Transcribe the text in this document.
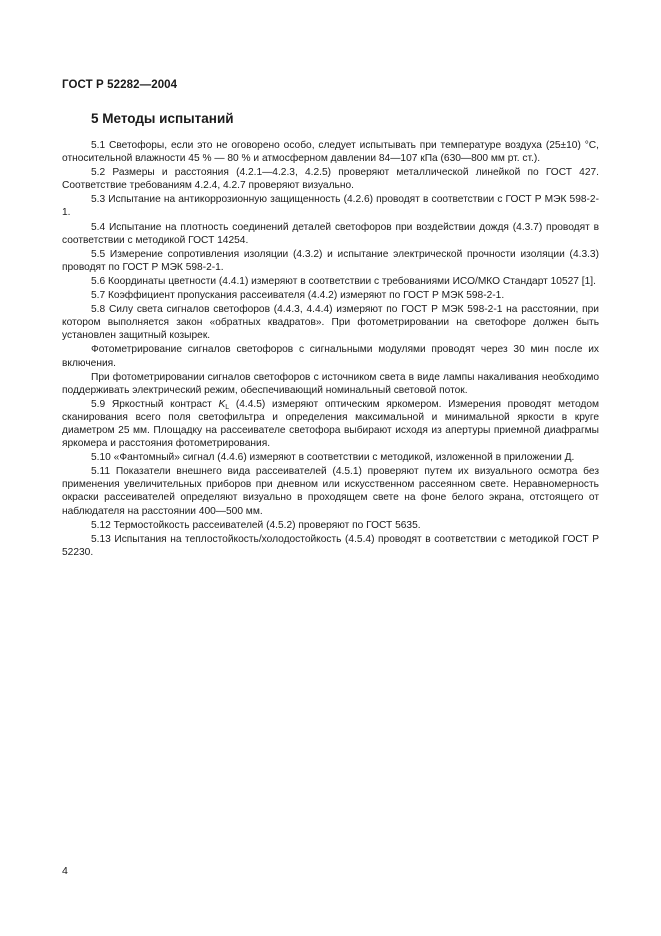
ГОСТ Р 52282—2004
5 Методы испытаний

5.1 Светофоры, если это не оговорено особо, следует испытывать при температуре воздуха (25±10) °С, относительной влажности 45 % — 80 % и атмосферном давлении 84—107 кПа (630—800 мм рт. ст.).

5.2 Размеры и расстояния (4.2.1—4.2.3, 4.2.5) проверяют металлической линейкой по ГОСТ 427. Соответствие требованиям 4.2.4, 4.2.7 проверяют визуально.

5.3 Испытание на антикоррозионную защищенность (4.2.6) проводят в соответствии с ГОСТ Р МЭК 598-2-1.

5.4 Испытание на плотность соединений деталей светофоров при воздействии дождя (4.3.7) проводят в соответствии с методикой ГОСТ 14254.

5.5 Измерение сопротивления изоляции (4.3.2) и испытание электрической прочности изоляции (4.3.3) проводят по ГОСТ Р МЭК 598-2-1.

5.6 Координаты цветности (4.4.1) измеряют в соответствии с требованиями ИСО/МКО Стандарт 10527 [1].

5.7 Коэффициент пропускания рассеивателя (4.4.2) измеряют по ГОСТ Р МЭК 598-2-1.

5.8 Силу света сигналов светофоров (4.4.3, 4.4.4) измеряют по ГОСТ Р МЭК 598-2-1 на расстоянии, при котором выполняется закон «обратных квадратов». При фотометрировании на светофоре должен быть установлен защитный козырек.

Фотометрирование сигналов светофоров с сигнальными модулями проводят через 30 мин после их включения.

При фотометрировании сигналов светофоров с источником света в виде лампы накаливания необходимо поддерживать электрический режим, обеспечивающий номинальный световой поток.

5.9 Яркостный контраст $K_L$ (4.4.5) измеряют оптическим яркомером. Измерения проводят методом сканирования всего поля светофильтра и определения максимальной и минимальной яркости в круге диаметром 25 мм. Площадку на рассеивателе светофора выбирают исходя из апертуры приемной диафрагмы яркомера и расстояния фотометрирования.

5.10 «Фантомный» сигнал (4.4.6) измеряют в соответствии с методикой, изложенной в приложении Д.

5.11 Показатели внешнего вида рассеивателей (4.5.1) проверяют путем их визуального осмотра без применения увеличительных приборов при дневном или искусственном рассеянном свете. Неравномерность окраски рассеивателей определяют визуально в проходящем свете на фоне белого экрана, отстоящего от наблюдателя на расстоянии 400—500 мм.

5.12 Термостойкость рассеивателей (4.5.2) проверяют по ГОСТ 5635.

5.13 Испытания на теплостойкость/холодостойкость (4.5.4) проводят в соответствии с методикой ГОСТ Р 52230.

4
